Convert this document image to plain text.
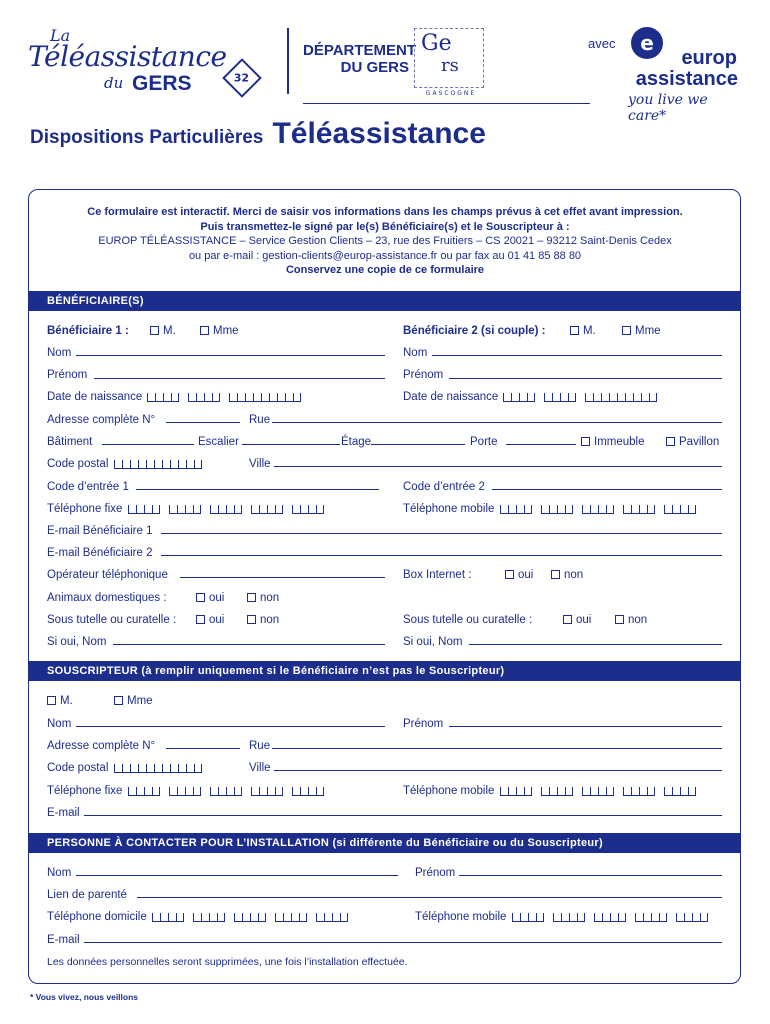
La
Téléassistance
du GERS	32
DÉPARTEMENT
DU GERS
Ge
rs
GASCOGNE
avec	e
europ
assistance
you live we care*
Dispositions Particulières Téléassistance
Ce formulaire est interactif. Merci de saisir vos informations dans les champs prévus à cet effet avant impression.
Puis transmettez-le signé par le(s) Bénéficiaire(s) et le Souscripteur à :
EUROP TÉLÉASSISTANCE – Service Gestion Clients – 23, rue des Fruitiers – CS 20021 – 93212 Saint-Denis Cedex
ou par e-mail : gestion-clients@europ-assistance.fr ou par fax au 01 41 85 88 80
Conservez une copie de ce formulaire
BÉNÉFICIAIRE(S)
Bénéficiaire 1 :	M.	Mme	Bénéficiaire 2 (si couple) :	M.	Mme
Nom	Nom
Prénom	Prénom
Date de naissance	Date de naissance
Adresse complète N°	Rue
Bâtiment	Escalier	Étage	Porte	Immeuble	Pavillon
Code postal	Ville
Code d’entrée 1	Code d’entrée 2
Téléphone fixe	Téléphone mobile
E-mail Bénéficiaire 1
E-mail Bénéficiaire 2
Opérateur téléphonique	Box Internet :	oui	non
Animaux domestiques :	oui	non
Sous tutelle ou curatelle :	oui	non	Sous tutelle ou curatelle :	oui	non
Si oui, Nom	Si oui, Nom
SOUSCRIPTEUR (à remplir uniquement si le Bénéficiaire n’est pas le Souscripteur)
M.	Mme
Nom	Prénom
Adresse complète N°	Rue
Code postal	Ville
Téléphone fixe	Téléphone mobile
E-mail
PERSONNE À CONTACTER POUR L’INSTALLATION (si différente du Bénéficiaire ou du Souscripteur)
Nom	Prénom
Lien de parenté
Téléphone domicile	Téléphone mobile
E-mail
Les données personnelles seront supprimées, une fois l’installation effectuée.
* Vous vivez, nous veillons
